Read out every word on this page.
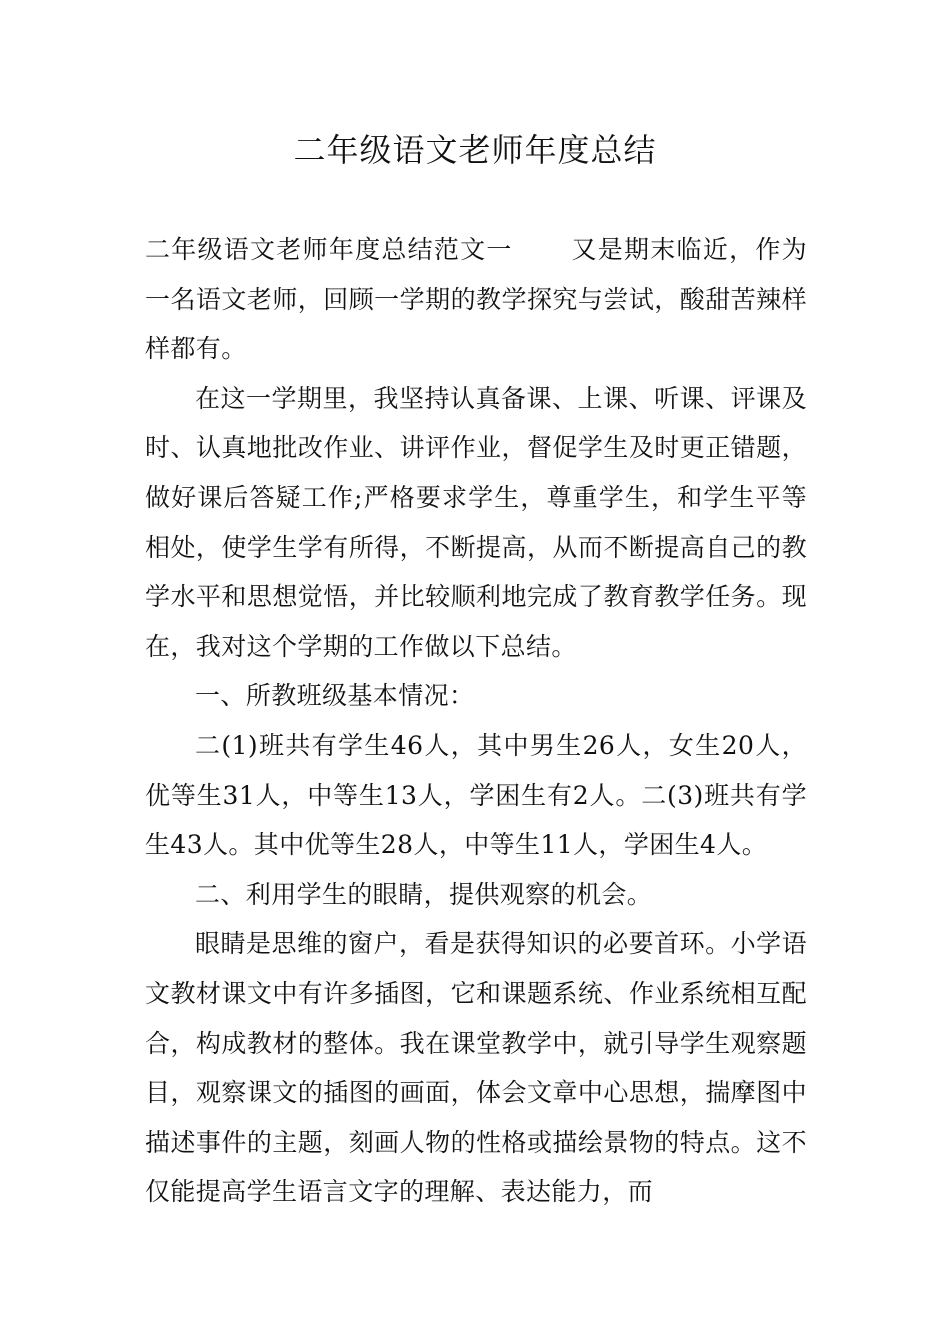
二年级语文老师年度总结

二年级语文老师年度总结范文一 又是期末临近，作为一名语文老师，回顾一学期的教学探究与尝试，酸甜苦辣样样都有。

在这一学期里，我坚持认真备课、上课、听课、评课及时、认真地批改作业、讲评作业，督促学生及时更正错题，做好课后答疑工作;严格要求学生，尊重学生，和学生平等相处，使学生学有所得，不断提高，从而不断提高自己的教学水平和思想觉悟，并比较顺利地完成了教育教学任务。现在，我对这个学期的工作做以下总结。

一、所教班级基本情况：

二(1)班共有学生46人，其中男生26人，女生20人，优等生31人，中等生13人，学困生有2人。二(3)班共有学生43人。其中优等生28人，中等生11人，学困生4人。

二、利用学生的眼睛，提供观察的机会。

眼睛是思维的窗户，看是获得知识的必要首环。小学语文教材课文中有许多插图，它和课题系统、作业系统相互配合，构成教材的整体。我在课堂教学中，就引导学生观察题目，观察课文的插图的画面，体会文章中心思想，揣摩图中描述事件的主题，刻画人物的性格或描绘景物的特点。这不仅能提高学生语言文字的理解、表达能力，而
